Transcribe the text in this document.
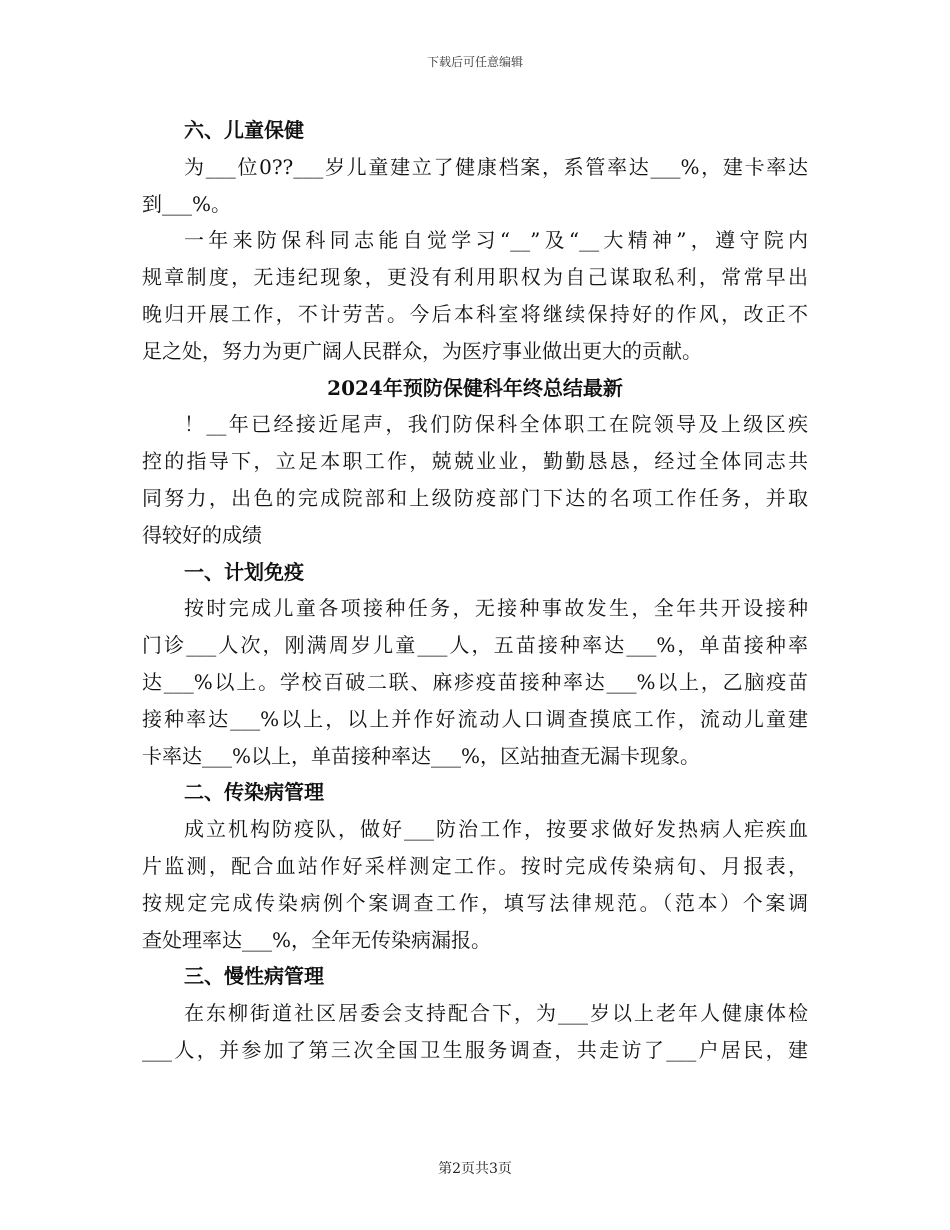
下载后可任意编辑
六、儿童保健
为___位0??___岁儿童建立了健康档案，系管率达___%，建卡率达
到___%。
一年来防保科同志能自觉学习“__”及“__大精神”，遵守院内
规章制度，无违纪现象，更没有利用职权为自己谋取私利，常常早出
晚归开展工作，不计劳苦。今后本科室将继续保持好的作风，改正不
足之处，努力为更广阔人民群众，为医疗事业做出更大的贡献。
2024年预防保健科年终总结最新
！__年已经接近尾声，我们防保科全体职工在院领导及上级区疾
控的指导下，立足本职工作，兢兢业业，勤勤恳恳，经过全体同志共
同努力，出色的完成院部和上级防疫部门下达的名项工作任务，并取
得较好的成绩
一、计划免疫
按时完成儿童各项接种任务，无接种事故发生，全年共开设接种
门诊___人次，刚满周岁儿童___人，五苗接种率达___%，单苗接种率
达___%以上。学校百破二联、麻疹疫苗接种率达___%以上，乙脑疫苗
接种率达___%以上，以上并作好流动人口调查摸底工作，流动儿童建
卡率达___%以上，单苗接种率达___%，区站抽查无漏卡现象。
二、传染病管理
成立机构防疫队，做好___防治工作，按要求做好发热病人疟疾血
片监测，配合血站作好采样测定工作。按时完成传染病旬、月报表，
按规定完成传染病例个案调查工作，填写法律规范。（范本）个案调
查处理率达___%，全年无传染病漏报。
三、慢性病管理
在东柳街道社区居委会支持配合下，为___岁以上老年人健康体检
___人，并参加了第三次全国卫生服务调查，共走访了___户居民，建
第2页共3页
